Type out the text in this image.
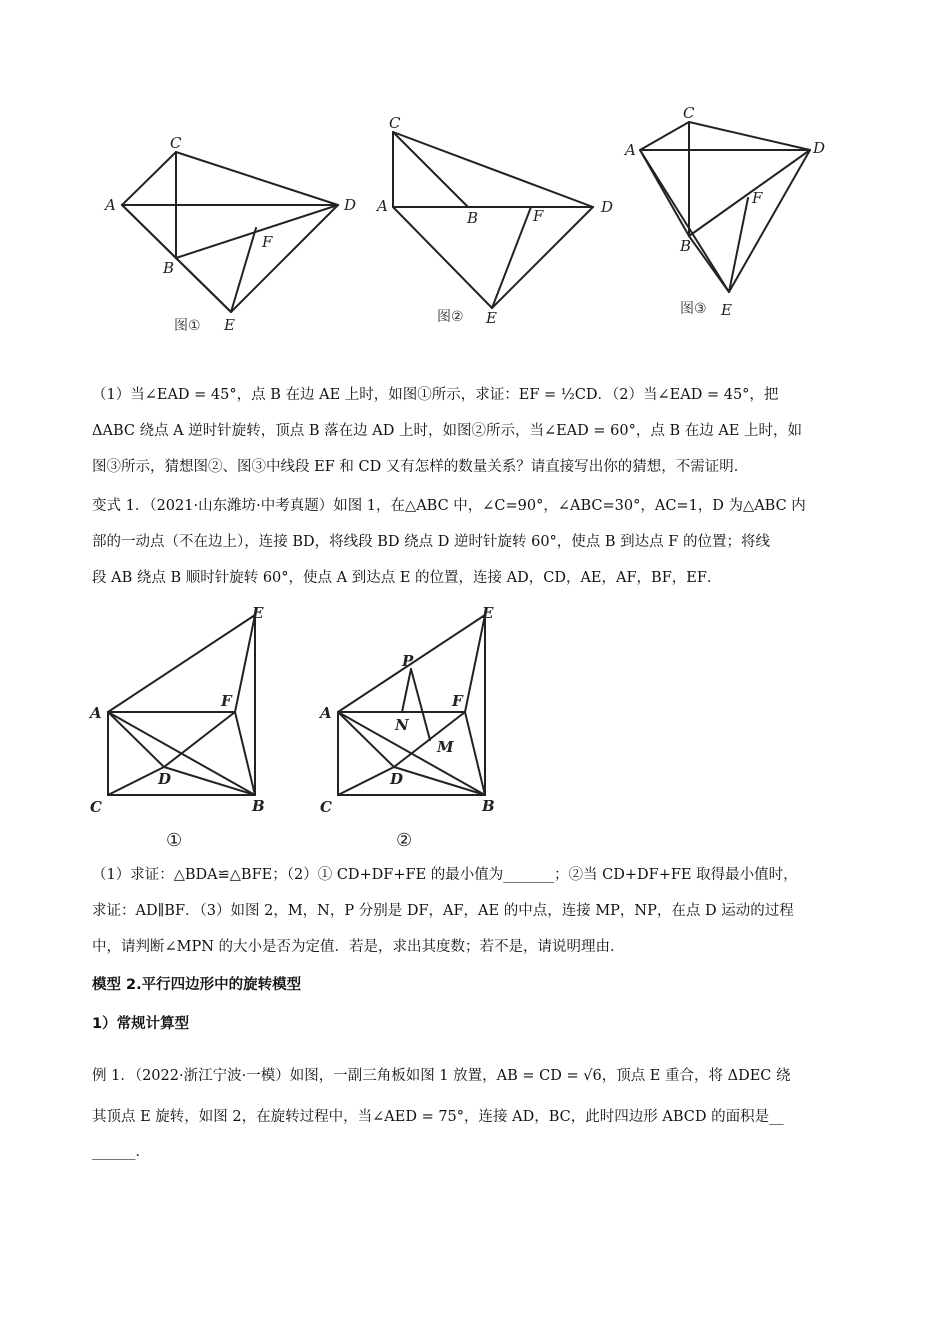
A
C
D
B
F
E
图①
C
A
B	F	D
E
图②
C
A	D
F
B
E
图③

（1）当∠EAD = 45°，点 B 在边 AE 上时，如图①所示，求证：EF = ½CD．（2）当∠EAD = 45°，把

ΔABC 绕点 A 逆时针旋转，顶点 B 落在边 AD 上时，如图②所示，当∠EAD = 60°，点 B 在边 AE 上时，如

图③所示，猜想图②、图③中线段 EF 和 CD 又有怎样的数量关系？请直接写出你的猜想，不需证明．

变式 1．（2021·山东潍坊·中考真题）如图 1，在△ABC 中，∠C=90°，∠ABC=30°，AC=1，D 为△ABC 内

部的一动点（不在边上），连接 BD，将线段 BD 绕点 D 逆时针旋转 60°，使点 B 到达点 F 的位置；将线

段 AB 绕点 B 顺时针旋转 60°，使点 A 到达点 E 的位置，连接 AD，CD，AE，AF，BF，EF．

E
A
F
D
C	B
①
E
P
A
N
F
M
D
C	B
②

（1）求证：△BDA≌△BFE；（2）① CD+DF+FE 的最小值为_______；②当 CD+DF+FE 取得最小值时，

求证：AD∥BF．（3）如图 2，M，N，P 分别是 DF，AF，AE 的中点，连接 MP，NP，在点 D 运动的过程

中，请判断∠MPN 的大小是否为定值．若是，求出其度数；若不是，请说明理由．

模型 2.平行四边形中的旋转模型
1）常规计算型

例 1．（2022·浙江宁波·一模）如图，一副三角板如图 1 放置，AB = CD = √6，顶点 E 重合，将 ΔDEC 绕

其顶点 E 旋转，如图 2，在旋转过程中，当∠AED = 75°，连接 AD，BC，此时四边形 ABCD 的面积是__

______．
